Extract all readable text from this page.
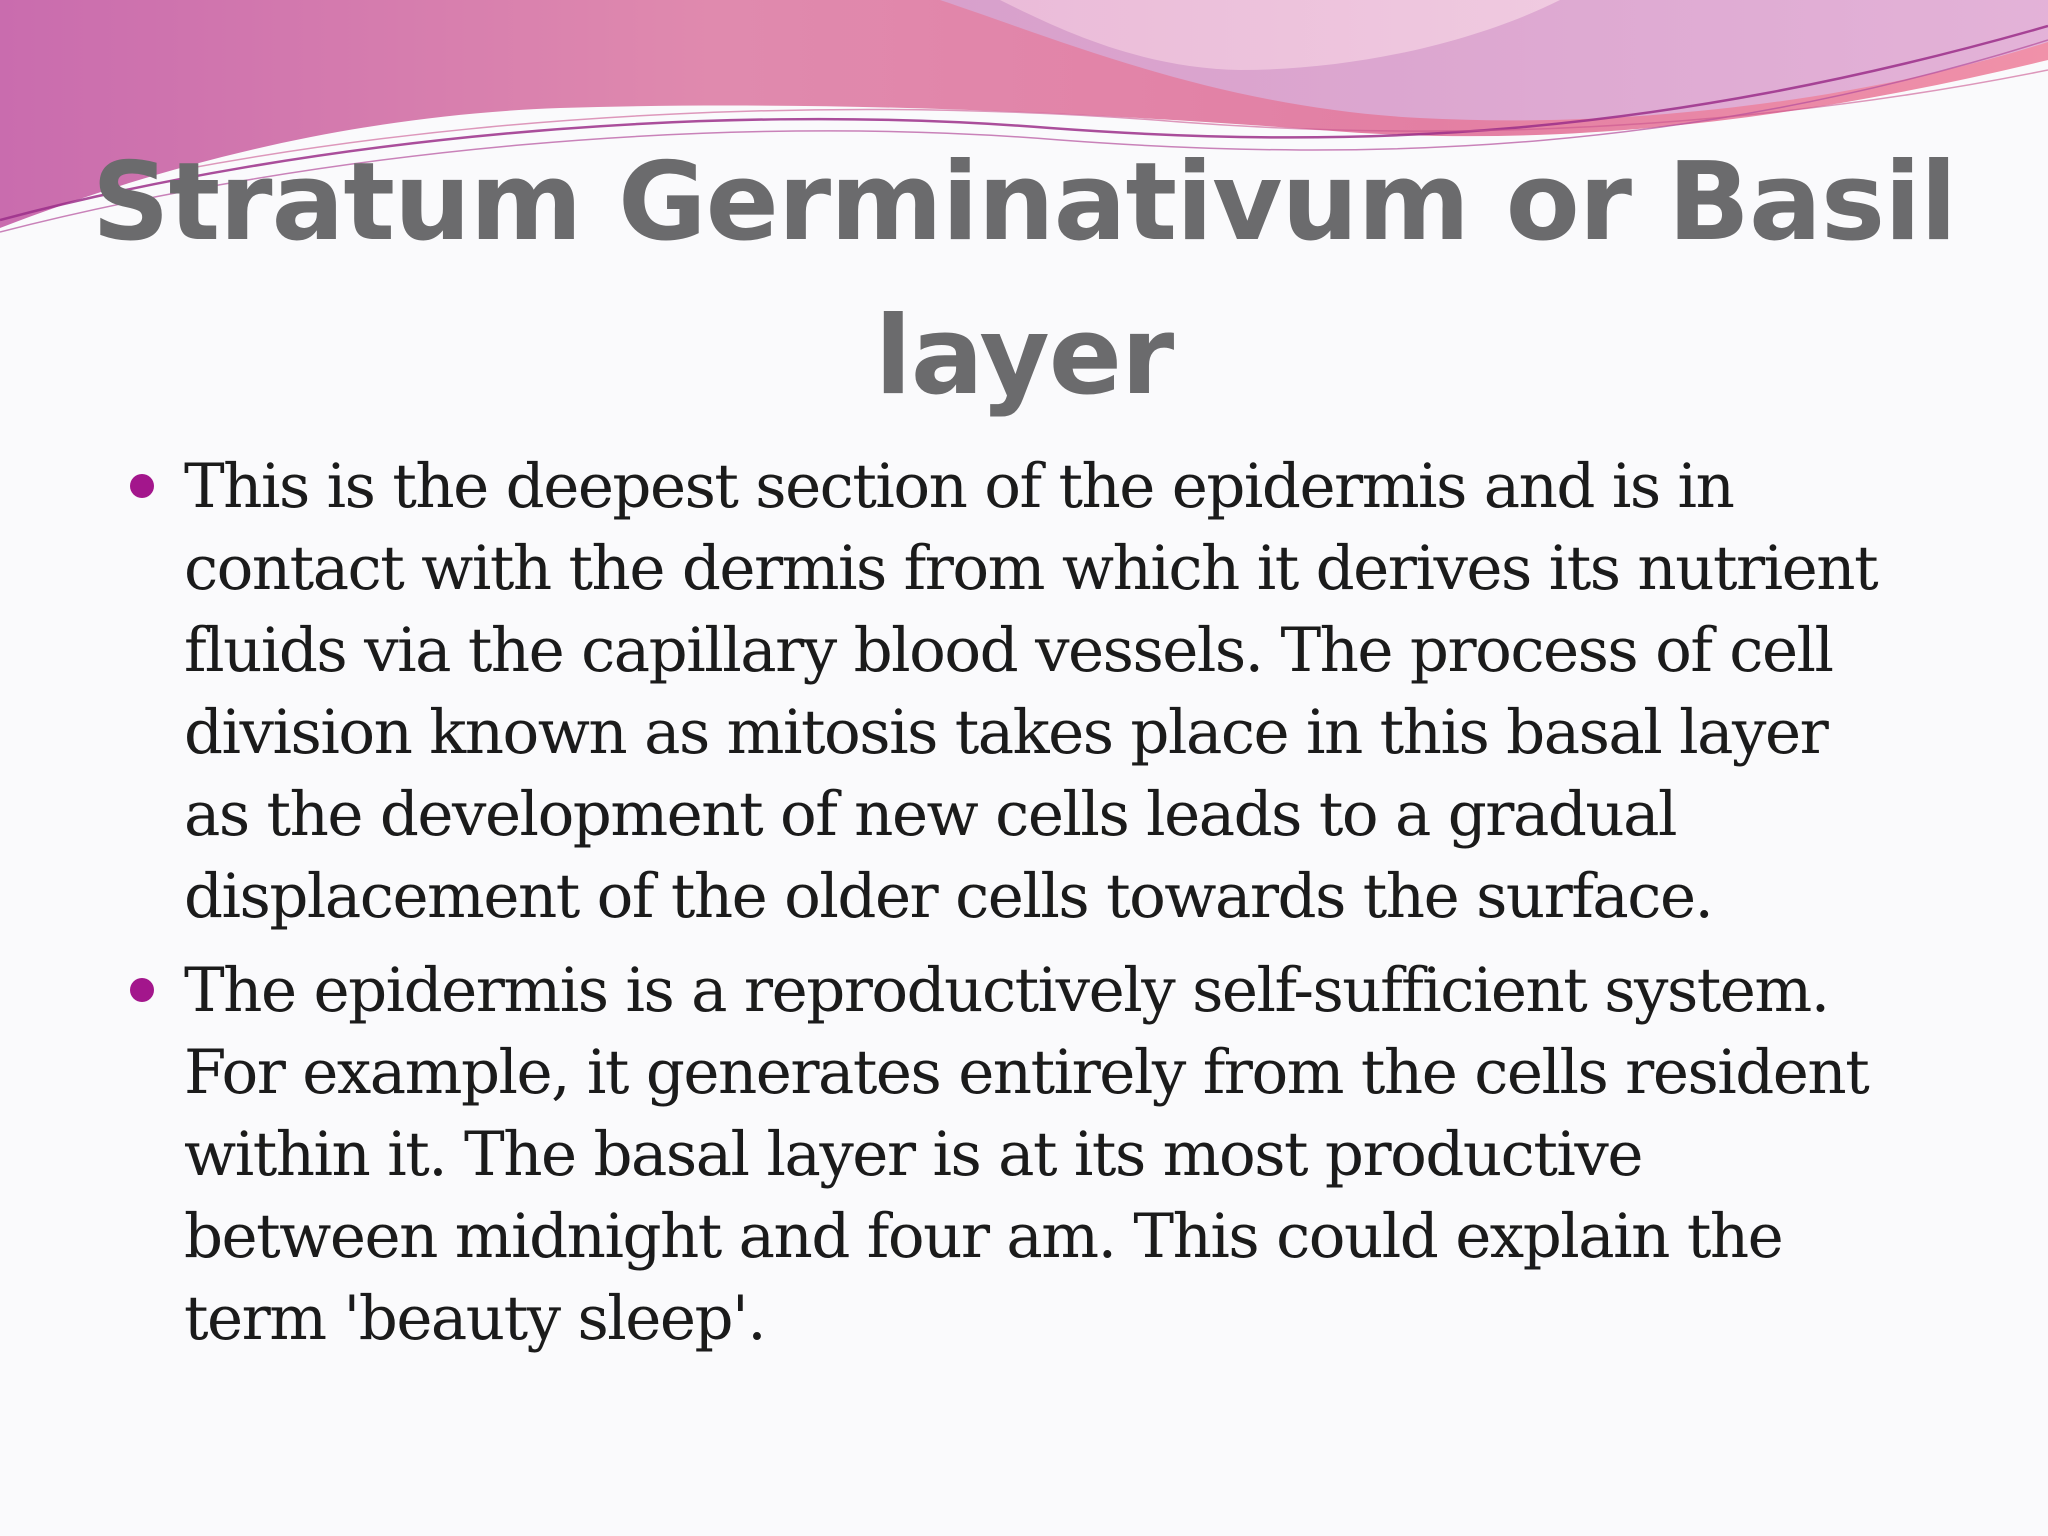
Stratum Germinativum or Basil
layer
This is the deepest section of the epidermis and is in contact with the dermis from which it derives its nutrient fluids via the capillary blood vessels. The process of cell division known as mitosis takes place in this basal layer as the development of new cells leads to a gradual displacement of the older cells towards the surface.
The epidermis is a reproductively self-sufficient system. For example, it generates entirely from the cells resident within it. The basal layer is at its most productive between midnight and four am. This could explain the term 'beauty sleep'.
